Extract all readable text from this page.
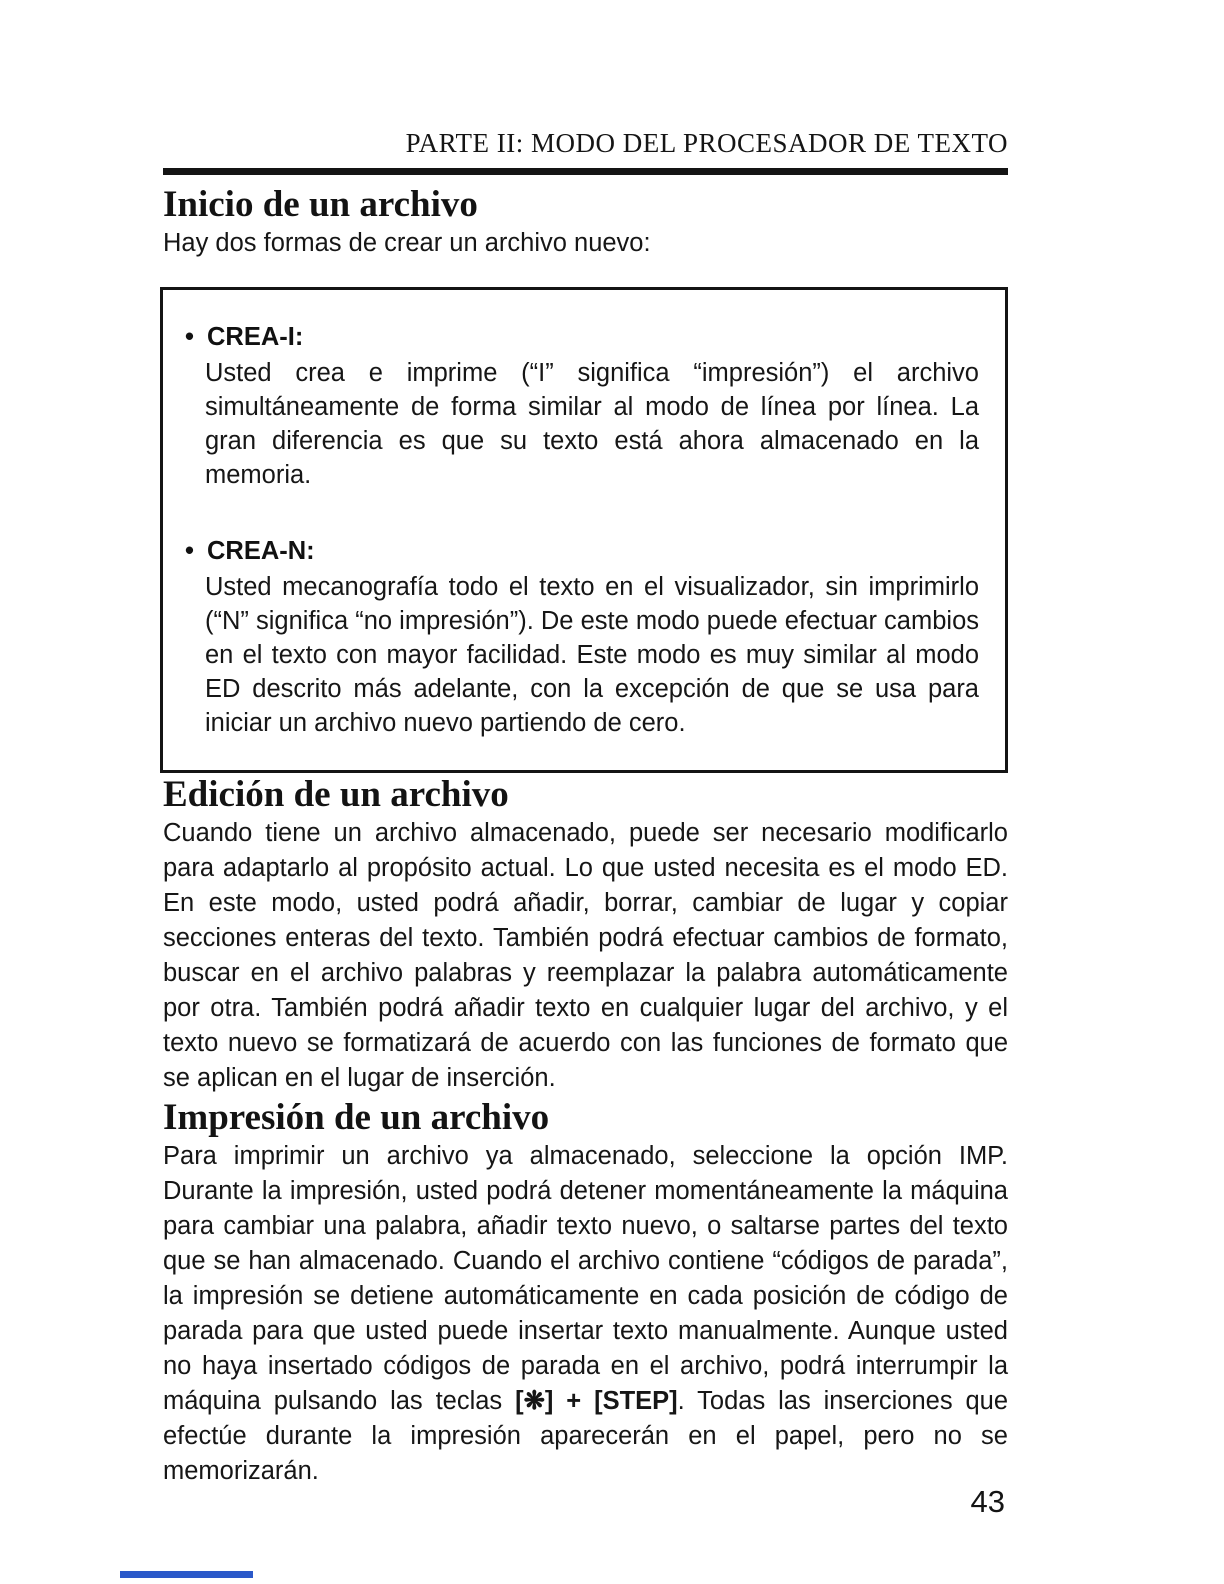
PARTE II: MODO DEL PROCESADOR DE TEXTO
Inicio de un archivo

Hay dos formas de crear un archivo nuevo:

• CREA-I:

Usted crea e imprime (“I” significa “impresión”) el archivo simultáneamente de forma similar al modo de línea por línea. La gran diferencia es que su texto está ahora almacenado en la memoria.

• CREA-N:

Usted mecanografía todo el texto en el visualizador, sin imprimirlo (“N” significa “no impresión”). De este modo puede efectuar cambios en el texto con mayor facilidad. Este modo es muy similar al modo ED descrito más adelante, con la excepción de que se usa para iniciar un archivo nuevo partiendo de cero.

Edición de un archivo

Cuando tiene un archivo almacenado, puede ser necesario modificarlo para adaptarlo al propósito actual. Lo que usted necesita es el modo ED. En este modo, usted podrá añadir, borrar, cambiar de lugar y copiar secciones enteras del texto. También podrá efectuar cambios de formato, buscar en el archivo palabras y reemplazar la palabra automáticamente por otra. También podrá añadir texto en cualquier lugar del archivo, y el texto nuevo se formatizará de acuerdo con las funciones de formato que se aplican en el lugar de inserción.

Impresión de un archivo

Para imprimir un archivo ya almacenado, seleccione la opción IMP. Durante la impresión, usted podrá detener momentáneamente la máquina para cambiar una palabra, añadir texto nuevo, o saltarse partes del texto que se han almacenado. Cuando el archivo contiene “códigos de parada”, la impresión se detiene automáticamente en cada posición de código de parada para que usted puede insertar texto manualmente. Aunque usted no haya insertado códigos de parada en el archivo, podrá interrumpir la máquina pulsando las teclas [❋] + [STEP]. Todas las inserciones que efectúe durante la impresión aparecerán en el papel, pero no se memorizarán.

43
